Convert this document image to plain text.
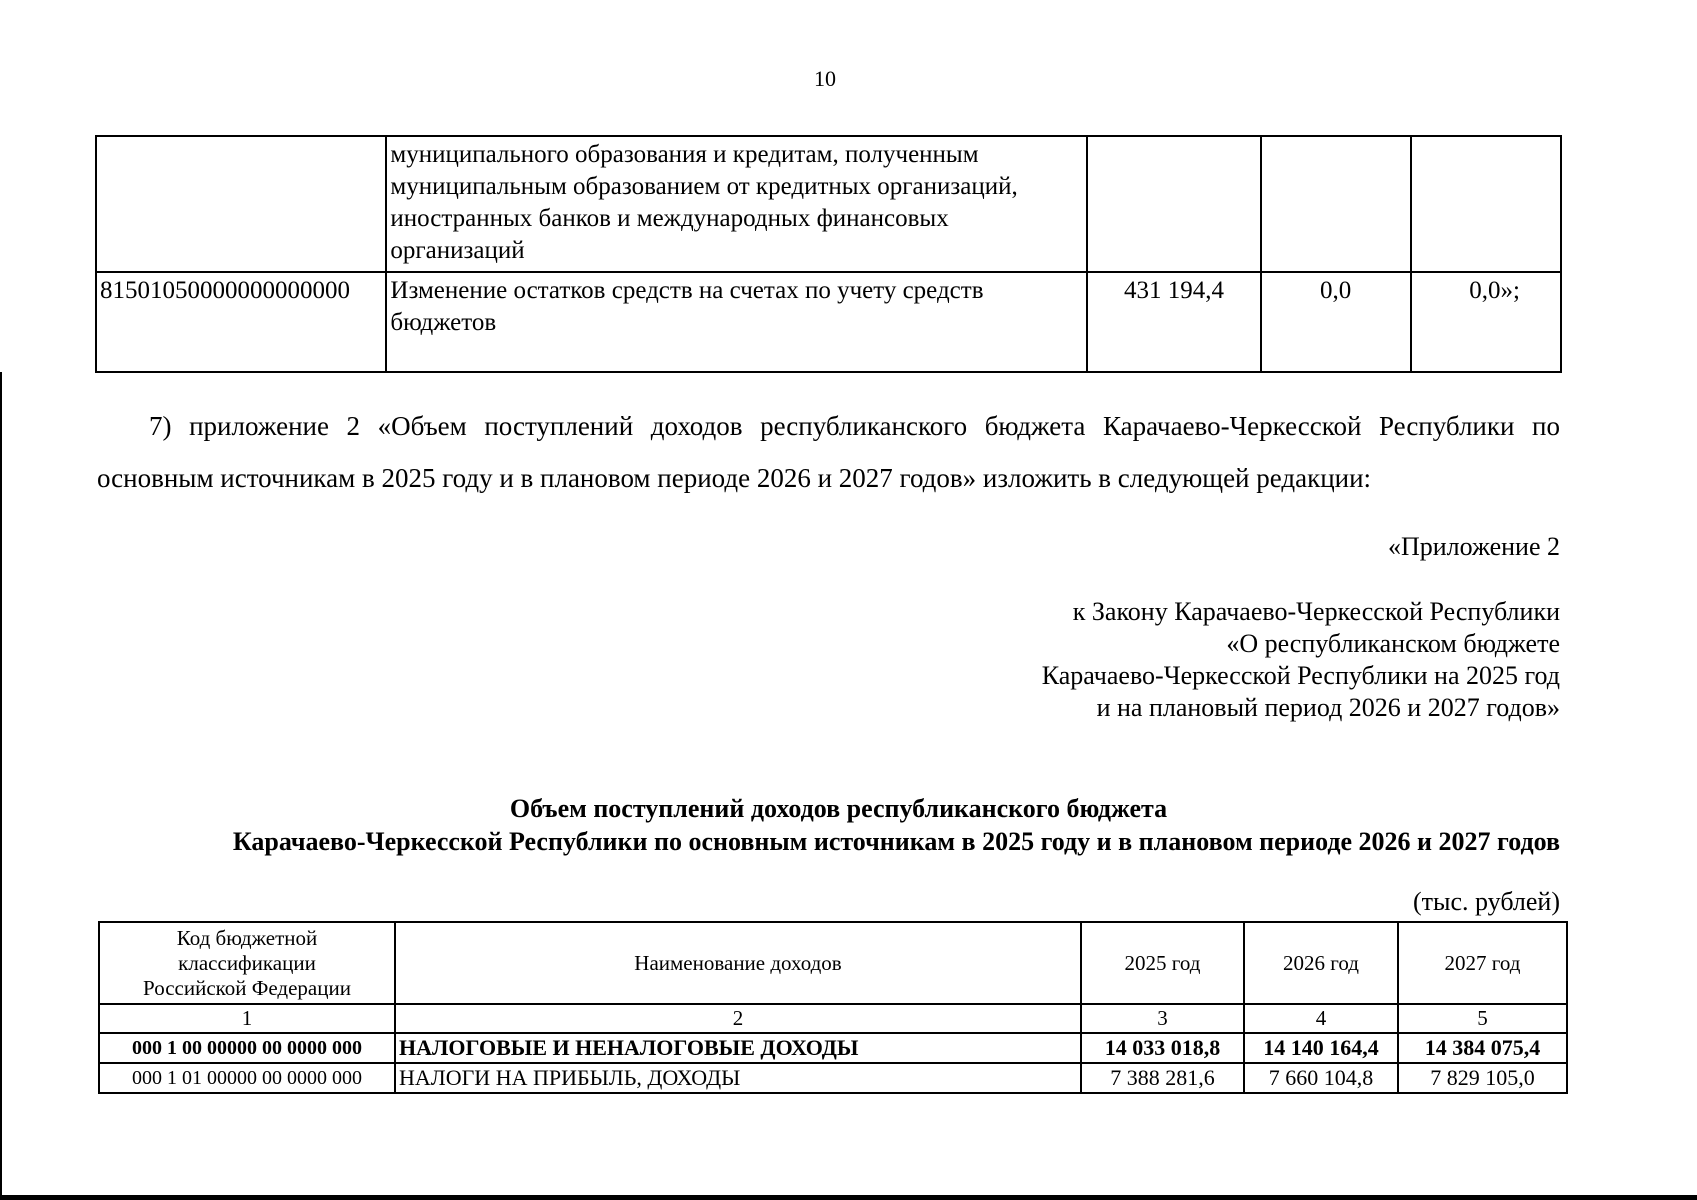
10
	муниципального образования и кредитам, полученным муниципальным образованием от кредитных организаций, иностранных банков и международных финансовых организаций			
81501050000000000000	Изменение остатков средств на счетах по учету средств бюджетов	431 194,4	0,0	0,0»;
7) приложение 2 «Объем поступлений доходов республиканского бюджета Карачаево-Черкесской Республики по основным источникам в 2025 году и в плановом периоде 2026 и 2027 годов» изложить в следующей редакции:
«Приложение 2
к Закону Карачаево-Черкесской Республики
«О республиканском бюджете
Карачаево-Черкесской Республики на 2025 год
и на плановый период 2026 и 2027 годов»
Объем поступлений доходов республиканского бюджета
Карачаево-Черкесской Республики по основным источникам в 2025 году и в плановом периоде 2026 и 2027 годов
(тыс. рублей)
Код бюджетной
классификации
Российской Федерации	Наименование доходов	2025 год	2026 год	2027 год
1	2	3	4	5
000 1 00 00000 00 0000 000	НАЛОГОВЫЕ И НЕНАЛОГОВЫЕ ДОХОДЫ	14 033 018,8	14 140 164,4	14 384 075,4
000 1 01 00000 00 0000 000	НАЛОГИ НА ПРИБЫЛЬ, ДОХОДЫ	7 388 281,6	7 660 104,8	7 829 105,0
